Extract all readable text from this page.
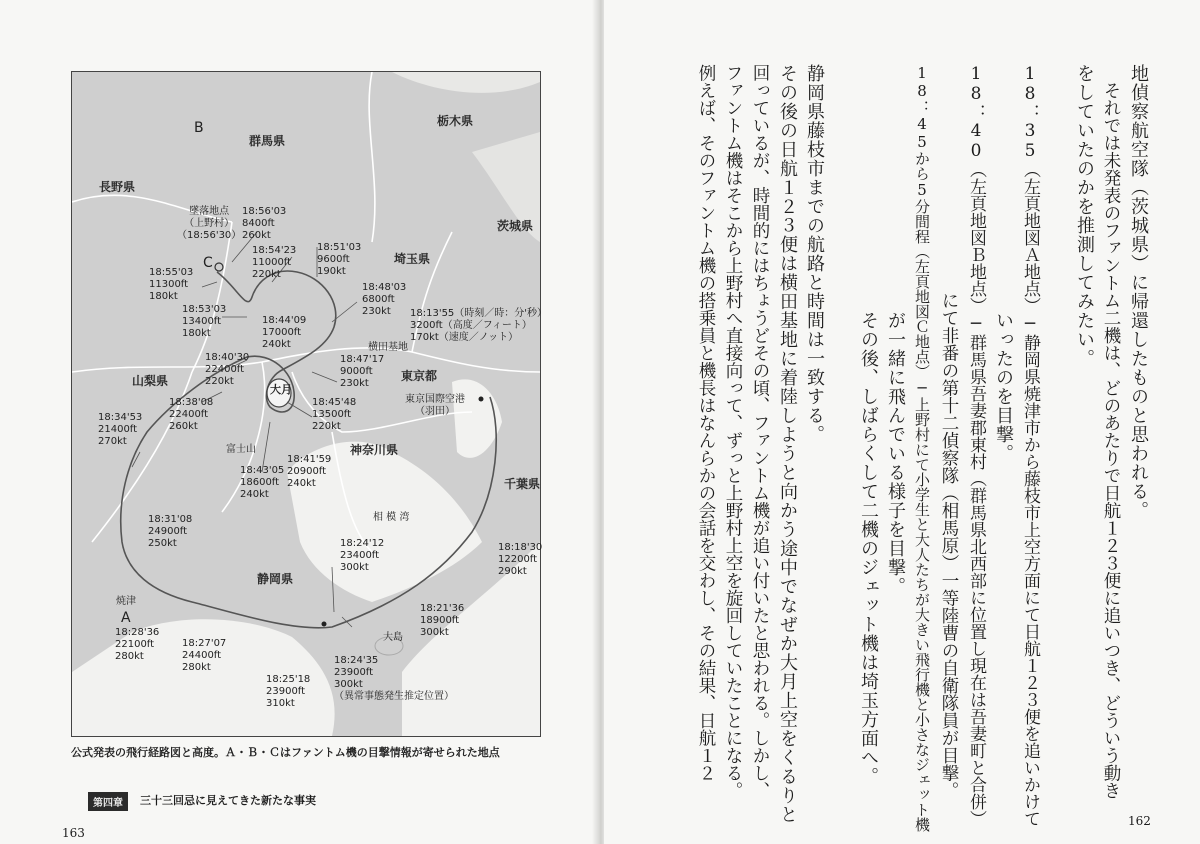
B
C
A
群馬県
栃木県
長野県
茨城県
埼玉県
山梨県	東京都
神奈川県
千葉県
静岡県
大月
横田基地
東京国際空港
（羽田）
富士山
相 模 湾
大島
焼津
墜落地点
（上野村）
（18:56'30）
18:56'03
8400ft
260kt
18:54'23
11000ft
220kt
18:51'03
9600ft
190kt
18:55'03
11300ft
180kt
18:48'03
6800ft
230kt
18:53'03
13400ft
180kt
18:44'09
17000ft
240kt
18:13'55（時刻／時：分'秒）
3200ft（高度／フィート）
170kt（速度／ノット）
18:40'30
22400ft
220kt
18:47'17
9000ft
230kt
18:38'08
22400ft
260kt
18:45'48
13500ft
220kt
18:34'53
21400ft
270kt
18:43'05
18600ft
240kt
18:41'59
20900ft
240kt
18:31'08
24900ft
250kt	18:24'12
23400ft
300kt
18:18'30
12200ft
290kt
18:21'36
18900ft
300kt
18:28'36
22100ft
280kt
18:27'07
24400ft
280kt
18:25'18
23900ft
310kt
18:24'35
23900ft
300kt
（異常事態発生推定位置）
公式発表の飛行経路図と高度。Ａ・Ｂ・Ｃはファントム機の目撃情報が寄せられた地点
第四章	三十三回忌に見えてきた新たな事実
163
地偵察航空隊（茨城県）に帰還したものと思われる。
　それでは未発表のファントム二機は、どのあたりで日航１２３便に追いつき、どういう動き
をしていたのかを推測してみたい。
18：35（左頁地図Ａ地点）─静岡県焼津市から藤枝市上空方面にて日航１２３便を追いかけて
　　　　　　　　　　　　　いったのを目撃。
18：40（左頁地図Ｂ地点）─群馬県吾妻郡東村（群馬県北西部に位置し現在は吾妻町と合併）
　　　　　　　　　　　　　にて非番の第十二偵察隊（相馬原）一等陸曹の自衛隊員が目撃。
18：45から5分間程（左頁地図Ｃ地点）─上野村にて小学生と大人たちが大きい飛行機と小さなジェット機
　　　　　　　　　　　　　が一緒に飛んでいる様子を目撃。
　　　　　　　　　　　　　その後、しばらくして二機のジェット機は埼玉方面へ。
静岡県藤枝市までの航路と時間は一致する。
その後の日航１２３便は横田基地に着陸しようと向かう途中でなぜか大月上空をくるりと
回っているが、時間的にはちょうどその頃、ファントム機が追い付いたと思われる。しかし、
ファントム機はそこから上野村へ直接向って、ずっと上野村上空を旋回していたことになる。
例えば、そのファントム機の搭乗員と機長はなんらかの会話を交わし、その結果、日航１２
162
